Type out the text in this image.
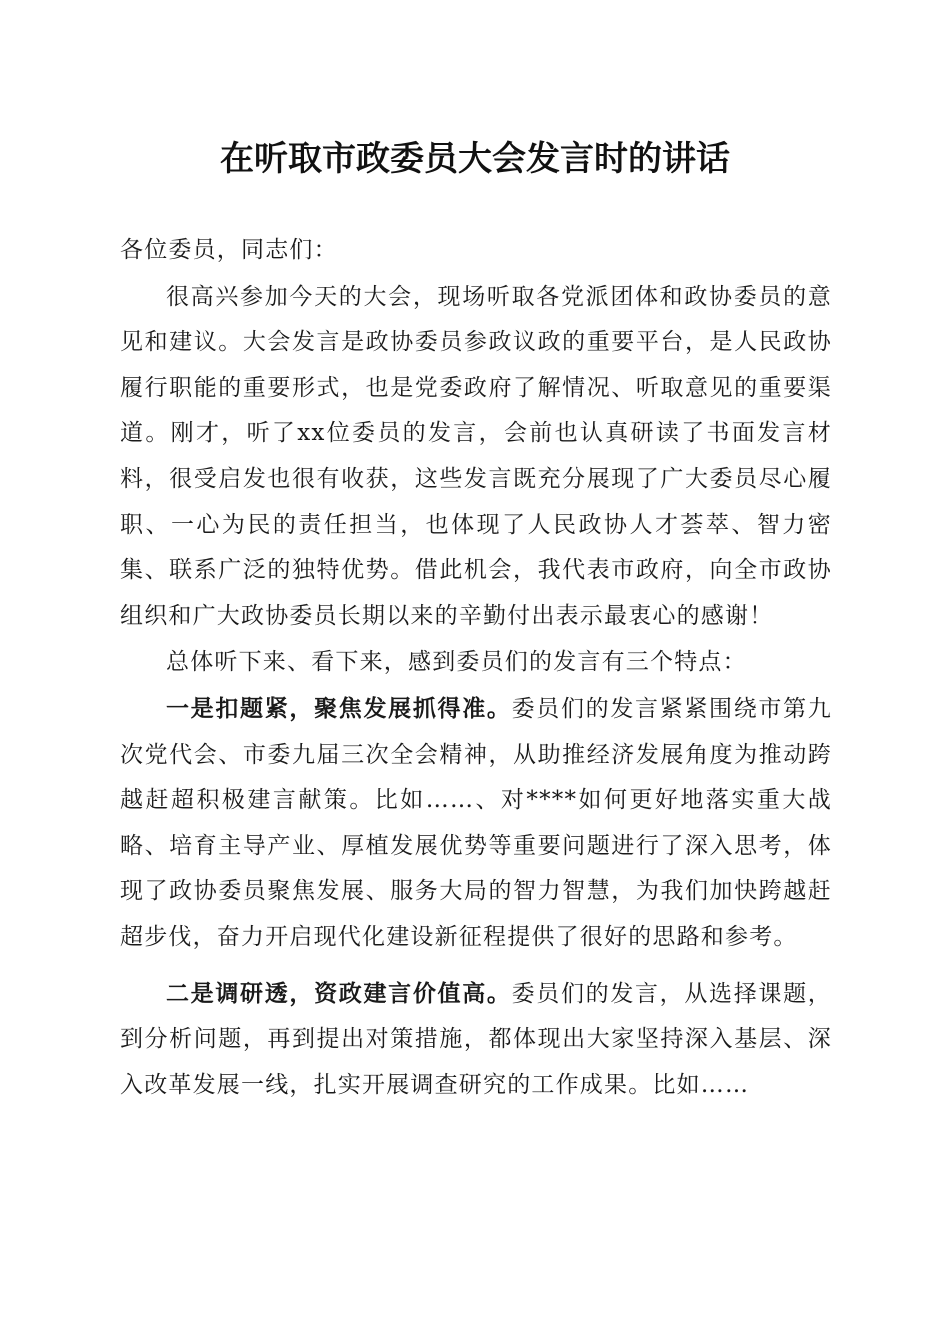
在听取市政委员大会发言时的讲话

各位委员，同志们：

很高兴参加今天的大会，现场听取各党派团体和政协委员的意见和建议。大会发言是政协委员参政议政的重要平台，是人民政协履行职能的重要形式，也是党委政府了解情况、听取意见的重要渠道。刚才，听了xx位委员的发言，会前也认真研读了书面发言材料，很受启发也很有收获，这些发言既充分展现了广大委员尽心履职、一心为民的责任担当，也体现了人民政协人才荟萃、智力密集、联系广泛的独特优势。借此机会，我代表市政府，向全市政协组织和广大政协委员长期以来的辛勤付出表示最衷心的感谢！

总体听下来、看下来，感到委员们的发言有三个特点：

一是扣题紧，聚焦发展抓得准。委员们的发言紧紧围绕市第九次党代会、市委九届三次全会精神，从助推经济发展角度为推动跨越赶超积极建言献策。比如……、对****如何更好地落实重大战略、培育主导产业、厚植发展优势等重要问题进行了深入思考，体现了政协委员聚焦发展、服务大局的智力智慧，为我们加快跨越赶超步伐，奋力开启现代化建设新征程提供了很好的思路和参考。

二是调研透，资政建言价值高。委员们的发言，从选择课题，到分析问题，再到提出对策措施，都体现出大家坚持深入基层、深入改革发展一线，扎实开展调查研究的工作成果。比如……
